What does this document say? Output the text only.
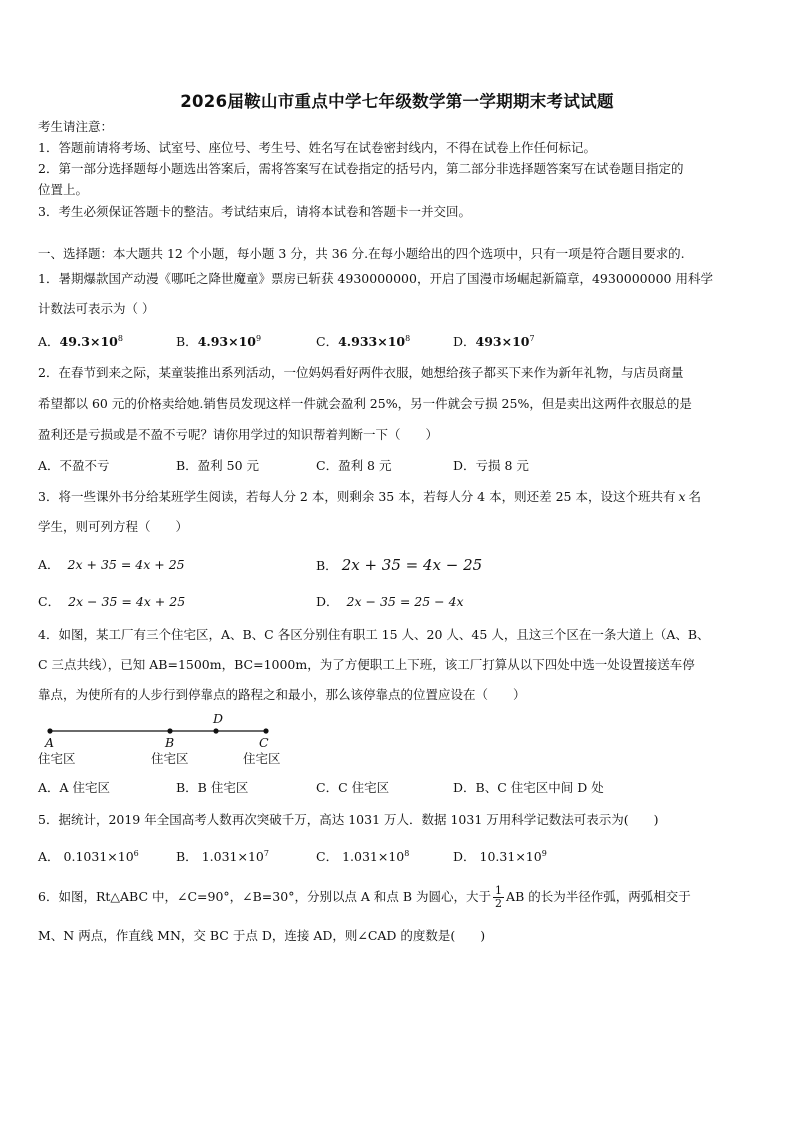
2026届鞍山市重点中学七年级数学第一学期期末考试试题
考生请注意：
1．答题前请将考场、试室号、座位号、考生号、姓名写在试卷密封线内，不得在试卷上作任何标记。
2．第一部分选择题每小题选出答案后，需将答案写在试卷指定的括号内，第二部分非选择题答案写在试卷题目指定的
位置上。
3．考生必须保证答题卡的整洁。考试结束后，请将本试卷和答题卡一并交回。
一、选择题：本大题共 12 个小题，每小题 3 分，共 36 分.在每小题给出的四个选项中，只有一项是符合题目要求的.
1．暑期爆款国产动漫《哪吒之降世魔童》票房已斩获 4930000000，开启了国漫市场崛起新篇章，4930000000 用科学
计数法可表示为（ ）
A．$49.3\times 10^8$	B．$4.93\times 10^9$	C．$4.933\times 10^8$	D．$493\times 10^7$
2．在春节到来之际，某童装推出系列活动，一位妈妈看好两件衣服，她想给孩子都买下来作为新年礼物，与店员商量
希望都以 60 元的价格卖给她.销售员发现这样一件就会盈利 25%，另一件就会亏损 25%，但是卖出这两件衣服总的是
盈利还是亏损或是不盈不亏呢？请你用学过的知识帮着判断一下（　　）
A．不盈不亏	B．盈利 50 元	C．盈利 8 元	D．亏损 8 元
3．将一些课外书分给某班学生阅读，若每人分 2 本，则剩余 35 本，若每人分 4 本，则还差 25 本，设这个班共有 x 名
学生，则可列方程（　　）
A． 2x + 35 = 4x + 25	B． 2x + 35 = 4x − 25
C． 2x − 35 = 4x + 25	D． 2x − 35 = 25 − 4x
4．如图，某工厂有三个住宅区，A、B、C 各区分别住有职工 15 人、20 人、45 人，且这三个区在一条大道上（A、B、
C 三点共线），已知 AB=1500m，BC=1000m，为了方便职工上下班，该工厂打算从以下四处中选一处设置接送车停
靠点，为使所有的人步行到停靠点的路程之和最小，那么该停靠点的位置应设在（　　）
D
A	B	C
住宅区	住宅区	住宅区
A．A 住宅区	B．B 住宅区	C．C 住宅区	D．B、C 住宅区中间 D 处
5．据统计，2019 年全国高考人数再次突破千万，高达 1031 万人．数据 1031 万用科学记数法可表示为(　　)
A． $0.1031\times 10^6$	B． $1.031\times 10^7$	C． $1.031\times 10^8$	D． $10.31\times 10^9$
6．如图，Rt△ABC 中，∠C=90°，∠B=30°，分别以点 A 和点 B 为圆心，大于 $\frac{1}{2}$ AB 的长为半径作弧，两弧相交于
M、N 两点，作直线 MN，交 BC 于点 D，连接 AD，则∠CAD 的度数是(　　)
